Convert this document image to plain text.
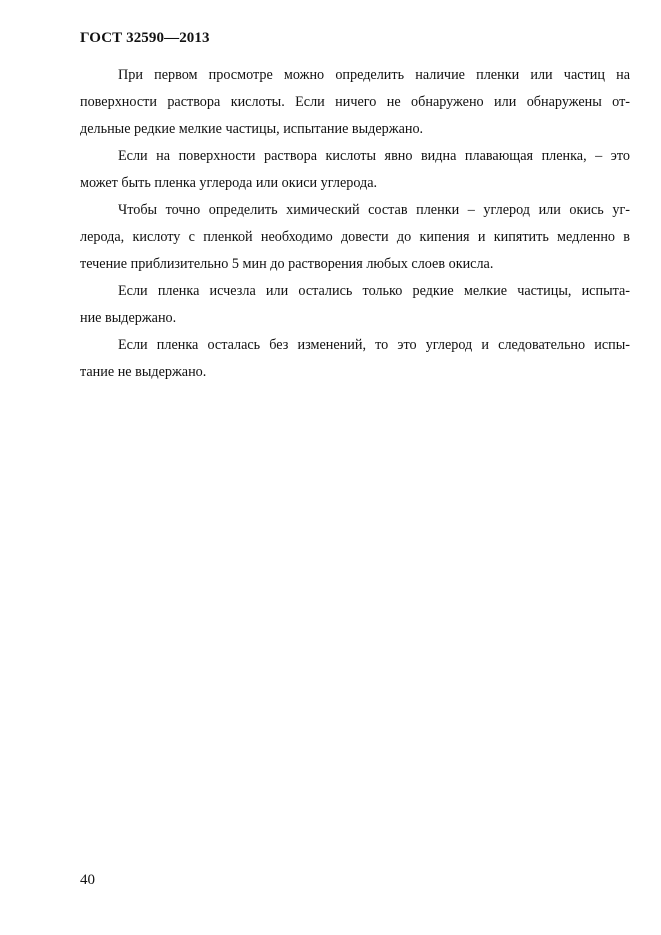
ГОСТ 32590—2013
При первом просмотре можно определить наличие пленки или частиц на
поверхности раствора кислоты. Если ничего не обнаружено или обнаружены от-
дельные редкие мелкие частицы, испытание выдержано.
Если на поверхности раствора кислоты явно видна плавающая пленка, – это
может быть пленка углерода или окиси углерода.
Чтобы точно определить химический состав пленки – углерод или окись уг-
лерода, кислоту с пленкой необходимо довести до кипения и кипятить медленно в
течение приблизительно 5 мин до растворения любых слоев окисла.
Если пленка исчезла или остались только редкие мелкие частицы, испыта-
ние выдержано.
Если пленка осталась без изменений, то это углерод и следовательно испы-
тание не выдержано.
40
